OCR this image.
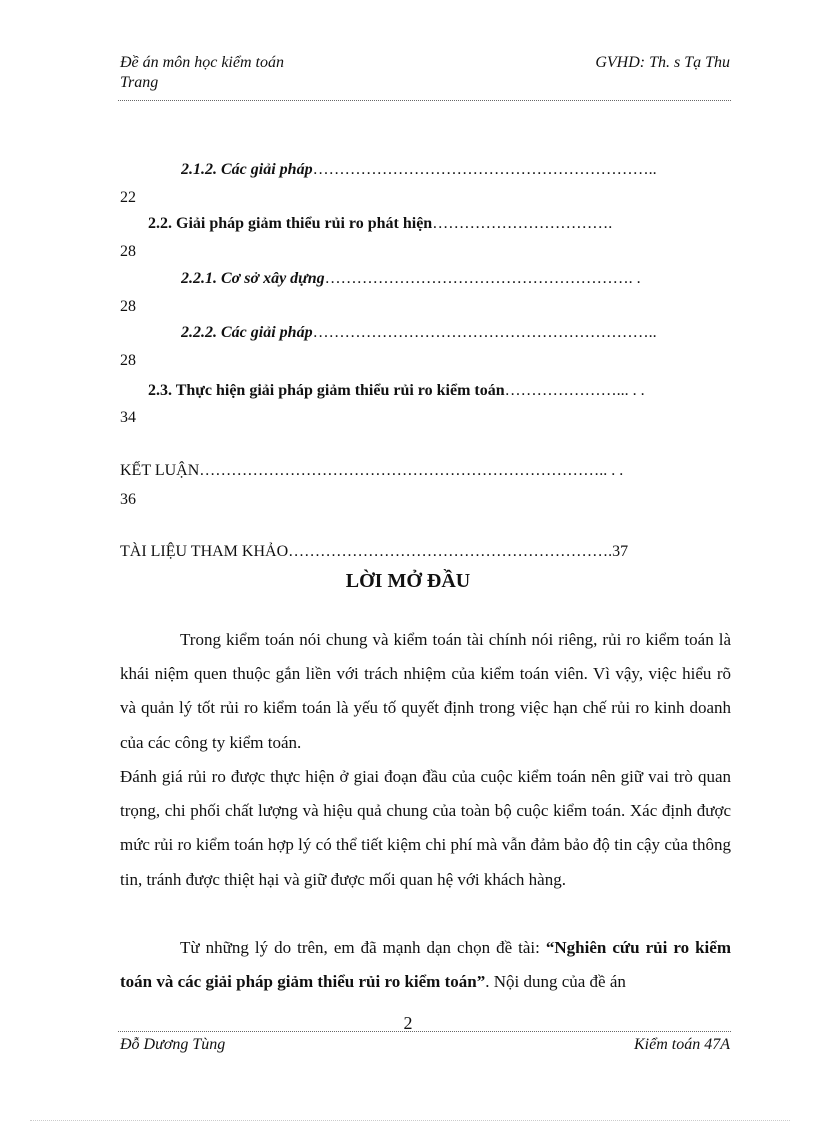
Đề án môn học kiểm toán
Trang
GVHD: Th. s Tạ Thu
2.1.2. Các giải pháp………………………………………………………..
22
2.2. Giải pháp giảm thiểu rủi ro phát hiện…………………………….
28
2.2.1. Cơ sở xây dựng…………………………………………………. .
28
2.2.2. Các giải pháp………………………………………………………..
28
2.3. Thực hiện giải pháp giảm thiểu rủi ro kiểm toán…………………... . .
34
KẾT LUẬN………………………………………………………………….. . .
36
TÀI LIỆU THAM KHẢO…………………………………………………….37
LỜI MỞ ĐẦU
Trong kiểm toán nói chung và kiểm toán tài chính nói riêng, rủi ro kiểm toán là khái niệm quen thuộc gắn liền với trách nhiệm của kiểm toán viên. Vì vậy, việc hiểu rõ và quản lý tốt rủi ro kiểm toán là yếu tố quyết định trong việc hạn chế rủi ro kinh doanh của các công ty kiểm toán.
Đánh giá rủi ro được thực hiện ở giai đoạn đầu của cuộc kiểm toán nên giữ vai trò quan trọng, chi phối chất lượng và hiệu quả chung của toàn bộ cuộc kiểm toán. Xác định được mức rủi ro kiểm toán hợp lý có thể tiết kiệm chi phí mà vẫn đảm bảo độ tin cậy của thông tin, tránh được thiệt hại và giữ được mối quan hệ với khách hàng.
Từ những lý do trên, em đã mạnh dạn chọn đề tài: “Nghiên cứu rủi ro kiểm toán và các giải pháp giảm thiểu rủi ro kiểm toán”. Nội dung của đề án
2
Đỗ Dương Tùng	Kiểm toán 47A
